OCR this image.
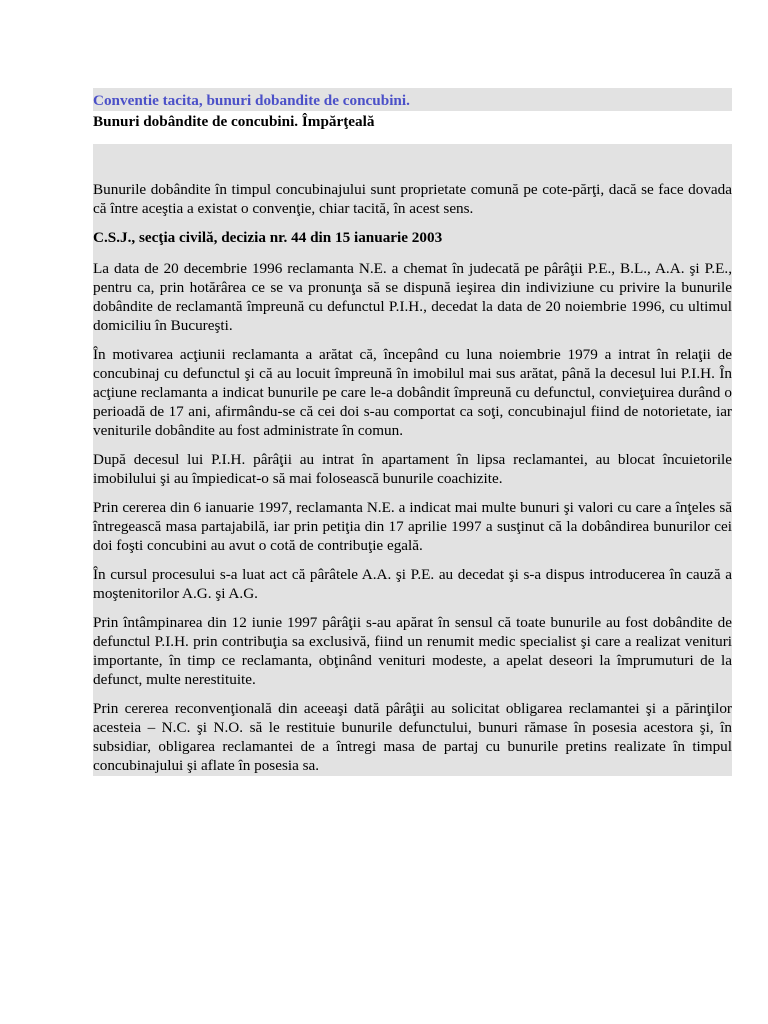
Conventie tacita, bunuri dobandite de concubini.
Bunuri dobândite de concubini. Împărţeală

Bunurile dobândite în timpul concubinajului sunt proprietate comună pe cote-părţi, dacă se face dovada că între aceştia a existat o convenţie, chiar tacită, în acest sens.

C.S.J., secţia civilă, decizia nr. 44 din 15 ianuarie 2003

La data de 20 decembrie 1996 reclamanta N.E. a chemat în judecată pe pârâţii P.E., B.L., A.A. şi P.E., pentru ca, prin hotărârea ce se va pronunţa să se dispună ieşirea din indiviziune cu privire la bunurile dobândite de reclamantă împreună cu defunctul P.I.H., decedat la data de 20 noiembrie 1996, cu ultimul domiciliu în Bucureşti.

În motivarea acţiunii reclamanta a arătat că, începând cu luna noiembrie 1979 a intrat în relaţii de concubinaj cu defunctul şi că au locuit împreună în imobilul mai sus arătat, până la decesul lui P.I.H. În acţiune reclamanta a indicat bunurile pe care le-a dobândit împreună cu defunctul, convieţuirea durând o perioadă de 17 ani, afirmându-se că cei doi s-au comportat ca soţi, concubinajul fiind de notorietate, iar veniturile dobândite au fost administrate în comun.

După decesul lui P.I.H. pârâţii au intrat în apartament în lipsa reclamantei, au blocat încuietorile imobilului şi au împiedicat-o să mai folosească bunurile coachizite.

Prin cererea din 6 ianuarie 1997, reclamanta N.E. a indicat mai multe bunuri şi valori cu care a înţeles să întregească masa partajabilă, iar prin petiţia din 17 aprilie 1997 a susţinut că la dobândirea bunurilor cei doi foşti concubini au avut o cotă de contribuţie egală.

În cursul procesului s-a luat act că pârâtele A.A. şi P.E. au decedat şi s-a dispus introducerea în cauză a moştenitorilor A.G. şi A.G.

Prin întâmpinarea din 12 iunie 1997 pârâţii s-au apărat în sensul că toate bunurile au fost dobândite de defunctul P.I.H. prin contribuţia sa exclusivă, fiind un renumit medic specialist şi care a realizat venituri importante, în timp ce reclamanta, obţinând venituri modeste, a apelat deseori la împrumuturi de la defunct, multe nerestituite.

Prin cererea reconvenţională din aceeaşi dată pârâţii au solicitat obligarea reclamantei şi a părinţilor acesteia – N.C. şi N.O. să le restituie bunurile defunctului, bunuri rămase în posesia acestora şi, în subsidiar, obligarea reclamantei de a întregi masa de partaj cu bunurile pretins realizate în timpul concubinajului şi aflate în posesia sa.
